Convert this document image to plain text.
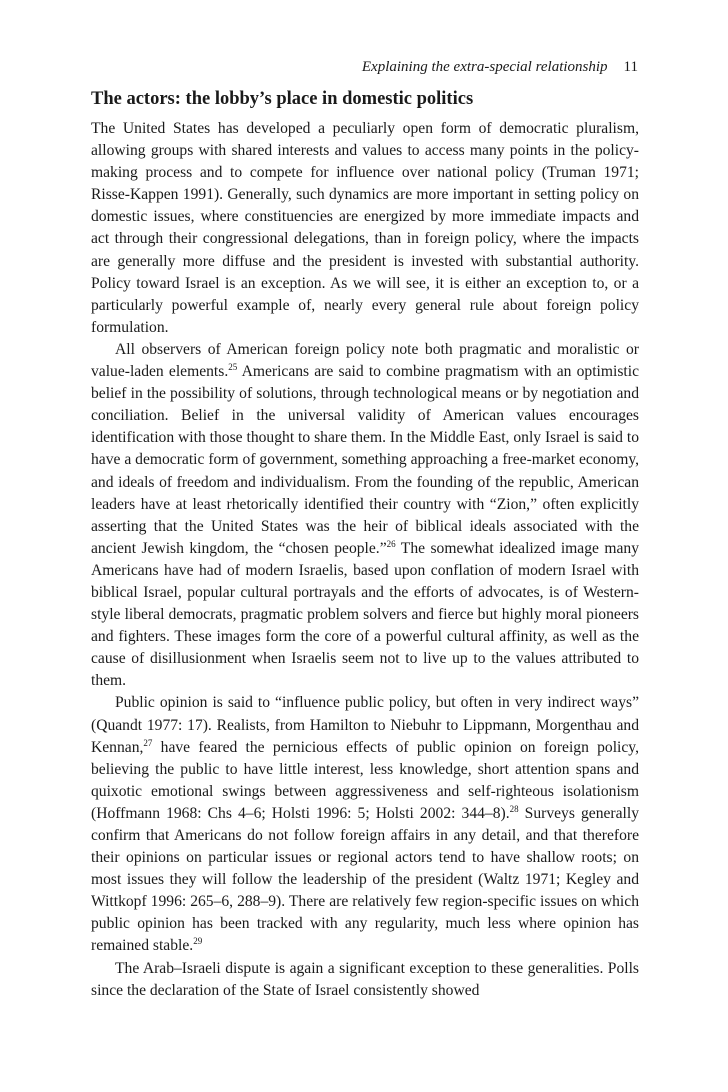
Explaining the extra-special relationship 11
The actors: the lobby’s place in domestic politics

The United States has developed a peculiarly open form of democratic pluralism, allowing groups with shared interests and values to access many points in the policy-making process and to compete for influence over national policy (Truman 1971; Risse-Kappen 1991). Generally, such dynamics are more important in setting policy on domestic issues, where constituencies are energized by more immediate impacts and act through their congressional delegations, than in foreign policy, where the impacts are generally more diffuse and the president is invested with substantial authority. Policy toward Israel is an exception. As we will see, it is either an exception to, or a particularly powerful example of, nearly every general rule about foreign policy formulation.

All observers of American foreign policy note both pragmatic and moralistic or value-laden elements.$^{25}$ Americans are said to combine pragmatism with an optimistic belief in the possibility of solutions, through technological means or by negotiation and conciliation. Belief in the universal validity of American values encourages identification with those thought to share them. In the Middle East, only Israel is said to have a democratic form of government, something approaching a free-market economy, and ideals of freedom and individualism. From the founding of the republic, American leaders have at least rhetorically identified their country with “Zion,” often explicitly asserting that the United States was the heir of biblical ideals associated with the ancient Jewish kingdom, the “chosen people.”$^{26}$ The somewhat idealized image many Americans have had of modern Israelis, based upon conflation of modern Israel with biblical Israel, popular cultural portrayals and the efforts of advocates, is of Western-style liberal democrats, pragmatic problem solvers and fierce but highly moral pioneers and fighters. These images form the core of a powerful cultural affinity, as well as the cause of disillusionment when Israelis seem not to live up to the values attributed to them.

Public opinion is said to “influence public policy, but often in very indirect ways” (Quandt 1977: 17). Realists, from Hamilton to Niebuhr to Lippmann, Morgenthau and Kennan,$^{27}$ have feared the pernicious effects of public opinion on foreign policy, believing the public to have little interest, less knowledge, short attention spans and quixotic emotional swings between aggressiveness and self-righteous isolationism (Hoffmann 1968: Chs 4–6; Holsti 1996: 5; Holsti 2002: 344–8).$^{28}$ Surveys generally confirm that Americans do not follow foreign affairs in any detail, and that therefore their opinions on particular issues or regional actors tend to have shallow roots; on most issues they will follow the leadership of the president (Waltz 1971; Kegley and Wittkopf 1996: 265–6, 288–9). There are relatively few region-specific issues on which public opinion has been tracked with any regularity, much less where opinion has remained stable.$^{29}$

The Arab–Israeli dispute is again a significant exception to these generalities. Polls since the declaration of the State of Israel consistently showed
